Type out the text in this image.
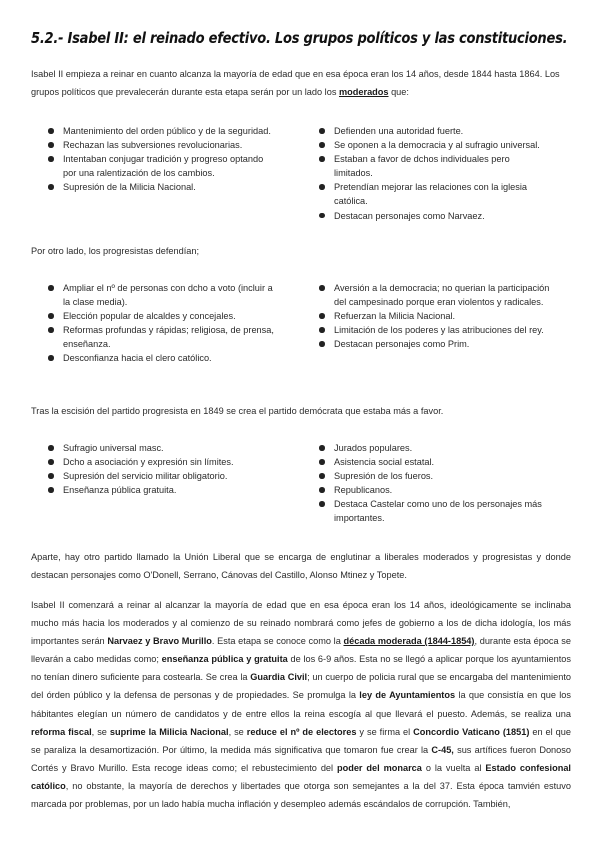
5.2.- Isabel II: el reinado efectivo. Los grupos políticos y las constituciones.

Isabel II empieza a reinar en cuanto alcanza la mayoría de edad que en esa época eran los 14 años, desde 1844 hasta 1864. Los grupos políticos que prevalecerán durante esta etapa serán por un lado los moderados que:

Mantenimiento del orden público y de la seguridad.
Rechazan las subversiones revolucionarias.
Intentaban conjugar tradición y progreso optando por una ralentización de los cambios.
Supresión de la Milicia Nacional.
Defienden una autoridad fuerte.
Se oponen a la democracia y al sufragio universal.
Estaban a favor de dchos individuales pero limitados.
Pretendían mejorar las relaciones con la iglesia católica.
Destacan personajes como Narvaez.

Por otro lado, los progresistas defendían;

Ampliar el nº de personas con dcho a voto (incluir a la clase media).
Elección popular de alcaldes y concejales.
Reformas profundas y rápidas; religiosa, de prensa, enseñanza.
Desconfianza hacia el clero católico.
Aversión a la democracia; no querian la participación del campesinado porque eran violentos y radicales.
Refuerzan la Milicia Nacional.
Limitación de los poderes y las atribuciones del rey.
Destacan personajes como Prim.

Tras la escisión del partido progresista en 1849 se crea el partido demócrata que estaba más a favor.

Sufragio universal masc.
Dcho a asociación y expresión sin límites.
Supresión del servicio militar obligatorio.
Enseñanza pública gratuita.
Jurados populares.
Asistencia social estatal.
Supresión de los fueros.
Republicanos.
Destaca Castelar como uno de los personajes más importantes.

Aparte, hay otro partido llamado la Unión Liberal que se encarga de englutinar a liberales moderados y progresistas y donde destacan personajes como O'Donell, Serrano, Cánovas del Castillo, Alonso Mtinez y Topete.

Isabel II comenzará a reinar al alcanzar la mayoría de edad que en esa época eran los 14 años, ideológicamente se inclinaba mucho más hacia los moderados y al comienzo de su reinado nombrará como jefes de gobierno a los de dicha idología, los más importantes serán Narvaez y Bravo Murillo. Esta etapa se conoce como la década moderada (1844-1854), durante esta época se llevarán a cabo medidas como; enseñanza pública y gratuita de los 6-9 años. Esta no se llegó a aplicar porque los ayuntamientos no tenían dinero suficiente para costearla. Se crea la Guardia Civil; un cuerpo de policia rural que se encargaba del mantenimiento del órden público y la defensa de personas y de propiedades. Se promulga la ley de Ayuntamientos la que consistía en que los hábitantes elegían un número de candidatos y de entre ellos la reina escogía al que llevará el puesto. Además, se realiza una reforma fiscal, se suprime la Milicia Nacional, se reduce el nº de electores y se firma el Concordio Vaticano (1851) en el que se paraliza la desamortización. Por último, la medida más significativa que tomaron fue crear la C-45, sus artífices fueron Donoso Cortés y Bravo Murillo. Esta recoge ideas como; el rebustecimiento del poder del monarca o la vuelta al Estado confesional católico, no obstante, la mayoría de derechos y libertades que otorga son semejantes a la del 37. Esta época tamvién estuvo marcada por problemas, por un lado había mucha inflación y desempleo además escándalos de corrupción. También,
